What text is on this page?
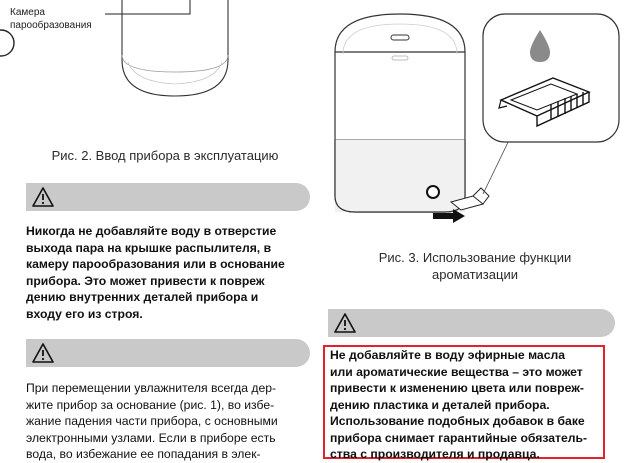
Камера
парообразования
Рис. 2. Ввод прибора в эксплуатацию
Никогда не добавляйте воду в отверстие
выхода пара на крышке распылителя, в
камеру парообразования или в основание
прибора. Это может привести к повреж
дению внутренних деталей прибора и
входу его из строя.
При перемещении увлажнителя всегда дер-
жите прибор за основание (рис. 1), во избе-
жание падения части прибора, с основными
электронными узлами. Если в приборе есть
вода, во избежание ее попадания в элек-
Рис. 3. Использование функции
ароматизации
Не добавляйте в воду эфирные масла
или ароматические вещества – это может
привести к изменению цвета или повреж-
дению пластика и деталей прибора.
Использование подобных добавок в баке
прибора снимает гарантийные обязатель-
ства с производителя и продавца.
